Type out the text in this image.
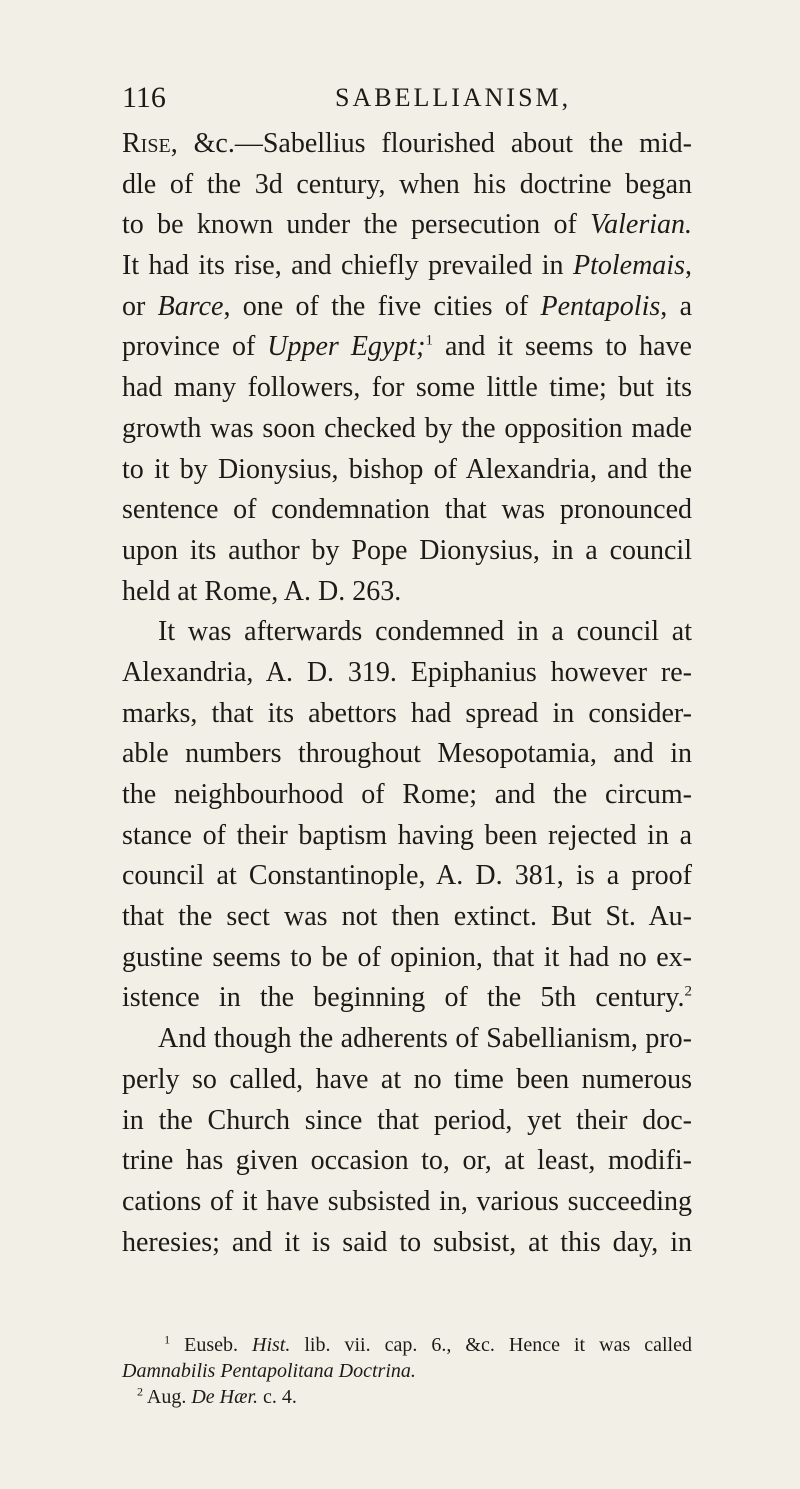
116	SABELLIANISM,
Rise, &c.—Sabellius flourished about the mid-
dle of the 3d century, when his doctrine began
to be known under the persecution of Valerian.
It had its rise, and chiefly prevailed in Ptolemais,
or Barce, one of the five cities of Pentapolis, a
province of Upper Egypt;$^1$ and it seems to have
had many followers, for some little time; but its
growth was soon checked by the opposition made
to it by Dionysius, bishop of Alexandria, and the
sentence of condemnation that was pronounced
upon its author by Pope Dionysius, in a council
held at Rome, A. D. 263.
It was afterwards condemned in a council at
Alexandria, A. D. 319. Epiphanius however re-
marks, that its abettors had spread in consider-
able numbers throughout Mesopotamia, and in
the neighbourhood of Rome; and the circum-
stance of their baptism having been rejected in a
council at Constantinople, A. D. 381, is a proof
that the sect was not then extinct. But St. Au-
gustine seems to be of opinion, that it had no ex-
istence in the beginning of the 5th century.$^2$
And though the adherents of Sabellianism, pro-
perly so called, have at no time been numerous
in the Church since that period, yet their doc-
trine has given occasion to, or, at least, modifi-
cations of it have subsisted in, various succeeding
heresies; and it is said to subsist, at this day, in
$^1$ Euseb. Hist. lib. vii. cap. 6., &c. Hence it was called
Damnabilis Pentapolitana Doctrina.
$^2$ Aug. De Hær. c. 4.
